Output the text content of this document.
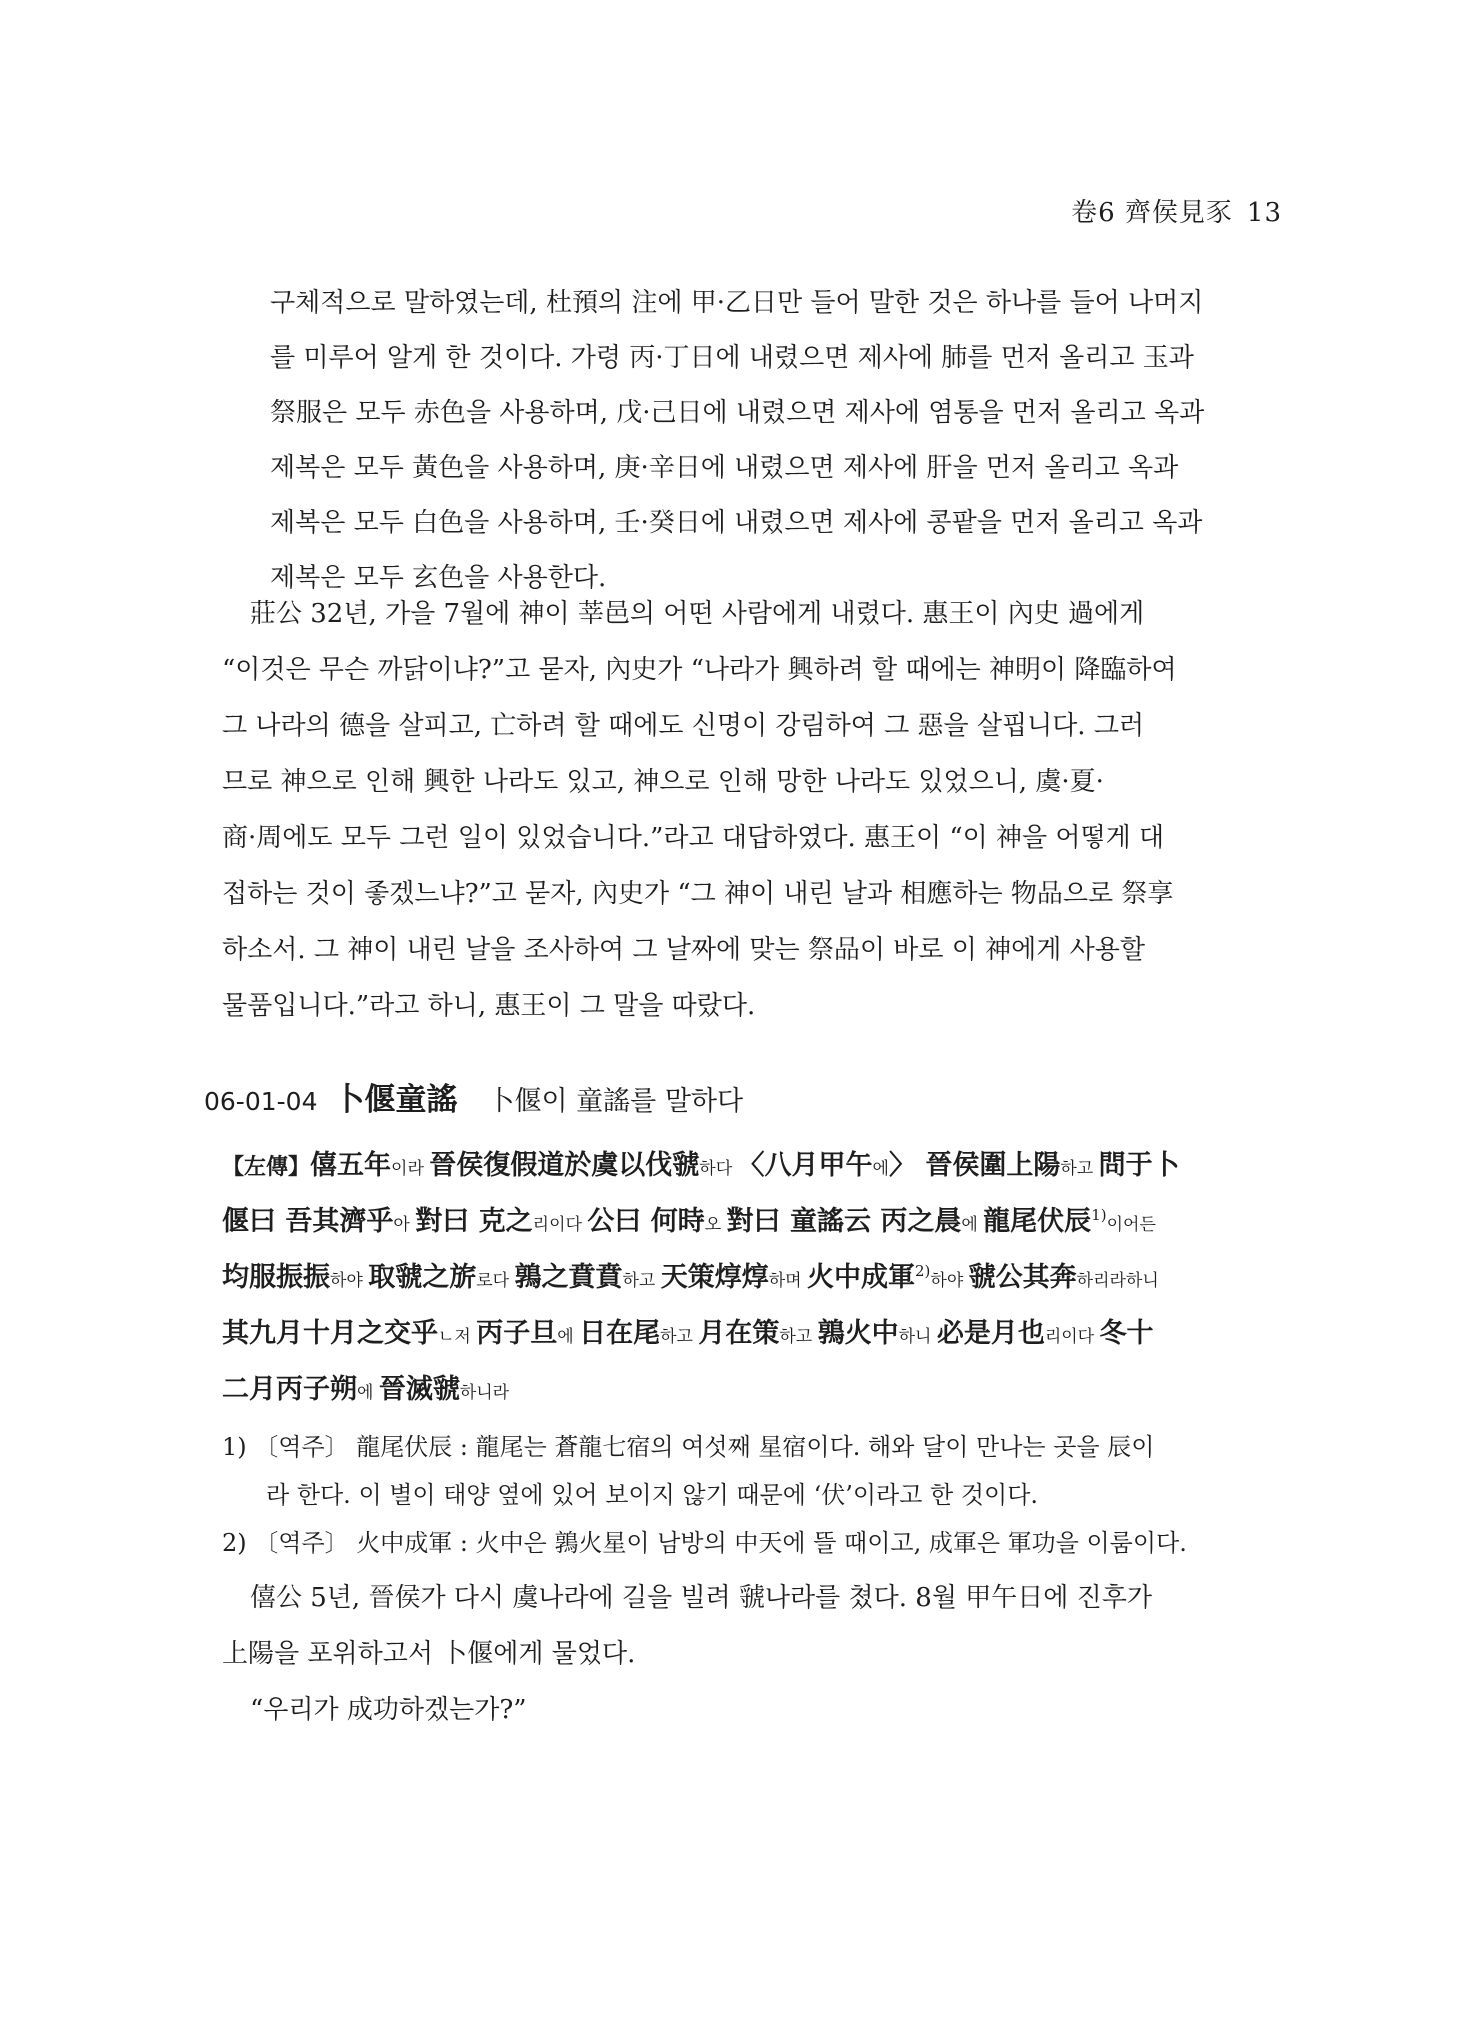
卷6 齊侯見豕 13
구체적으로 말하였는데, 杜預의 注에 甲·乙日만 들어 말한 것은 하나를 들어 나머지
를 미루어 알게 한 것이다. 가령 丙·丁日에 내렸으면 제사에 肺를 먼저 올리고 玉과
祭服은 모두 赤色을 사용하며, 戊·己日에 내렸으면 제사에 염통을 먼저 올리고 옥과
제복은 모두 黃色을 사용하며, 庚·辛日에 내렸으면 제사에 肝을 먼저 올리고 옥과
제복은 모두 白色을 사용하며, 壬·癸日에 내렸으면 제사에 콩팥을 먼저 올리고 옥과
제복은 모두 玄色을 사용한다.
莊公 32년, 가을 7월에 神이 莘邑의 어떤 사람에게 내렸다. 惠王이 內史 過에게
“이것은 무슨 까닭이냐?”고 묻자, 內史가 “나라가 興하려 할 때에는 神明이 降臨하여
그 나라의 德을 살피고, 亡하려 할 때에도 신명이 강림하여 그 惡을 살핍니다. 그러
므로 神으로 인해 興한 나라도 있고, 神으로 인해 망한 나라도 있었으니, 虞·夏·
商·周에도 모두 그런 일이 있었습니다.”라고 대답하였다. 惠王이 “이 神을 어떻게 대
접하는 것이 좋겠느냐?”고 묻자, 內史가 “그 神이 내린 날과 相應하는 物品으로 祭享
하소서. 그 神이 내린 날을 조사하여 그 날짜에 맞는 祭品이 바로 이 神에게 사용할
물품입니다.”라고 하니, 惠王이 그 말을 따랐다.
06-01-04 卜偃童謠 卜偃이 童謠를 말하다
【左傳】僖五年이라 晉侯復假道於虞以伐虢하다 〈八月甲午에〉 晉侯圍上陽하고 問于卜
偃曰 吾其濟乎아 對曰 克之리이다 公曰 何時오 對曰 童謠云 丙之晨에 龍尾伏辰$^{1)}$이어든
均服振振하야 取虢之旂로다 鶉之賁賁하고 天策焞焞하며 火中成軍$^{2)}$하야 虢公其奔하리라하니
其九月十月之交乎ㄴ저 丙子旦에 日在尾하고 月在策하고 鶉火中하니 必是月也리이다 冬十
二月丙子朔에 晉滅虢하니라
1) 〔역주〕 龍尾伏辰 : 龍尾는 蒼龍七宿의 여섯째 星宿이다. 해와 달이 만나는 곳을 辰이
라 한다. 이 별이 태양 옆에 있어 보이지 않기 때문에 ‘伏’이라고 한 것이다.
2) 〔역주〕 火中成軍 : 火中은 鶉火星이 남방의 中天에 뜰 때이고, 成軍은 軍功을 이룸이다.
僖公 5년, 晉侯가 다시 虞나라에 길을 빌려 虢나라를 쳤다. 8월 甲午日에 진후가
上陽을 포위하고서 卜偃에게 물었다.
“우리가 成功하겠는가?”
